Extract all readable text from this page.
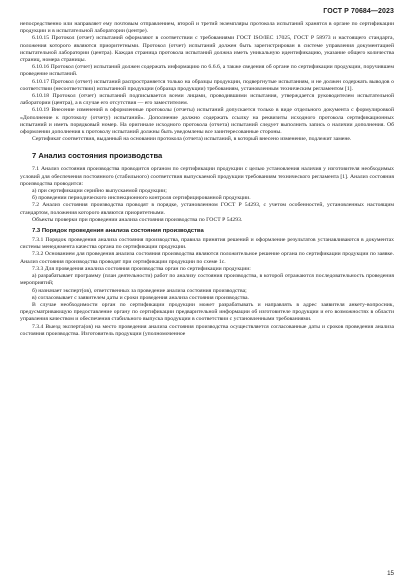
ГОСТ Р 70684—2023

непосредственно или направляет ему почтовым отправлением, второй и третий экземпляры протокола испытаний хранятся в органе по сертификации продукции и в испытательной лаборатории (центре).

6.10.15 Протокол (отчет) испытаний оформляют в соответствии с требованиями ГОСТ ISO/IEC 17025, ГОСТ Р 58973 и настоящего стандарта, положения которого являются приоритетными. Протокол (отчет) испытаний должен быть зарегистрирован в системе управления документацией испытательной лаборатории (центра). Каждая страница протокола испытаний должна иметь уникальную идентификацию, указание общего количества страниц, номера страницы.

6.10.16 Протокол (отчет) испытаний должен содержать информацию по 6.6.6, а также сведения об органе по сертификации продукции, поручившем проведение испытаний.

6.10.17 Протокол (отчет) испытаний распространяется только на образцы продукции, подвергнутые испытаниям, и не должен содержать выводов о соответствии (несоответствии) испытанной продукции (образца продукции) требованиям, установленным техническим регламентом [1].

6.10.18 Протокол (отчет) испытаний подписывается всеми лицами, проводившими испытания, утверждается руководителем испытательной лаборатории (центра), а в случае его отсутствия — его заместителем.

6.10.19 Внесение изменений в оформленные протоколы (отчеты) испытаний допускается только в виде отдельного документа с формулировкой «Дополнение к протоколу (отчету) испытаний». Дополнение должно содержать ссылку на реквизиты исходного протокола сертификационных испытаний и иметь порядковый номер. На оригинале исходного протокола (отчета) испытаний следует выполнить запись о наличии дополнения. Об оформлении дополнения к протоколу испытаний должны быть уведомлены все заинтересованные стороны.

Сертификат соответствия, выданный на основании протокола (отчета) испытаний, в который внесено изменение, подлежит замене.

7 Анализ состояния производства

7.1 Анализ состояния производства проводится органом по сертификации продукции с целью установления наличия у изготовителя необходимых условий для обеспечения постоянного (стабильного) соответствия выпускаемой продукции требованиям технического регламента [1]. Анализ состояния производства проводится:

а) при сертификации серийно выпускаемой продукции;

б) проведении периодического инспекционного контроля сертифицированной продукции.

7.2 Анализ состояния производства проводят в порядке, установленном ГОСТ Р 54293, с учетом особенностей, установленных настоящим стандартом, положения которого являются приоритетными.

Объекты проверки при проведении анализа состояния производства по ГОСТ Р 54293.

7.3 Порядок проведения анализа состояния производства

7.3.1 Порядок проведения анализа состояния производства, правила принятия решений и оформление результатов устанавливаются в документах системы менеджмента качества органа по сертификации продукции.

7.3.2 Основанием для проведения анализа состояния производства являются положительное решение органа по сертификации продукции по заявке. Анализ состояния производства проводят при сертификации продукции по схеме 1с.

7.3.3 Для проведения анализа состояния производства орган по сертификации продукции:

а) разрабатывает программу (план деятельности) работ по анализу состояния производства, в которой отражаются последовательность проведения мероприятий;

б) назначает эксперт(ов), ответственных за проведение анализа состояния производства;

в) согласовывает с заявителем даты и сроки проведения анализа состояния производства.

В случае необходимости орган по сертификации продукции может разрабатывать и направлять в адрес заявителя анкету-вопросник, предусматривающую предоставление органу по сертификации предварительной информации об изготовителе продукции и его возможностях в области управления качеством и обеспечения стабильного выпуска продукции в соответствии с установленными требованиями.

7.3.4 Выезд эксперта(ов) на место проведения анализа состояния производства осуществляется согласованные даты и сроков проведения анализа состояния производства. Изготовитель продукции (уполномоченное

15
